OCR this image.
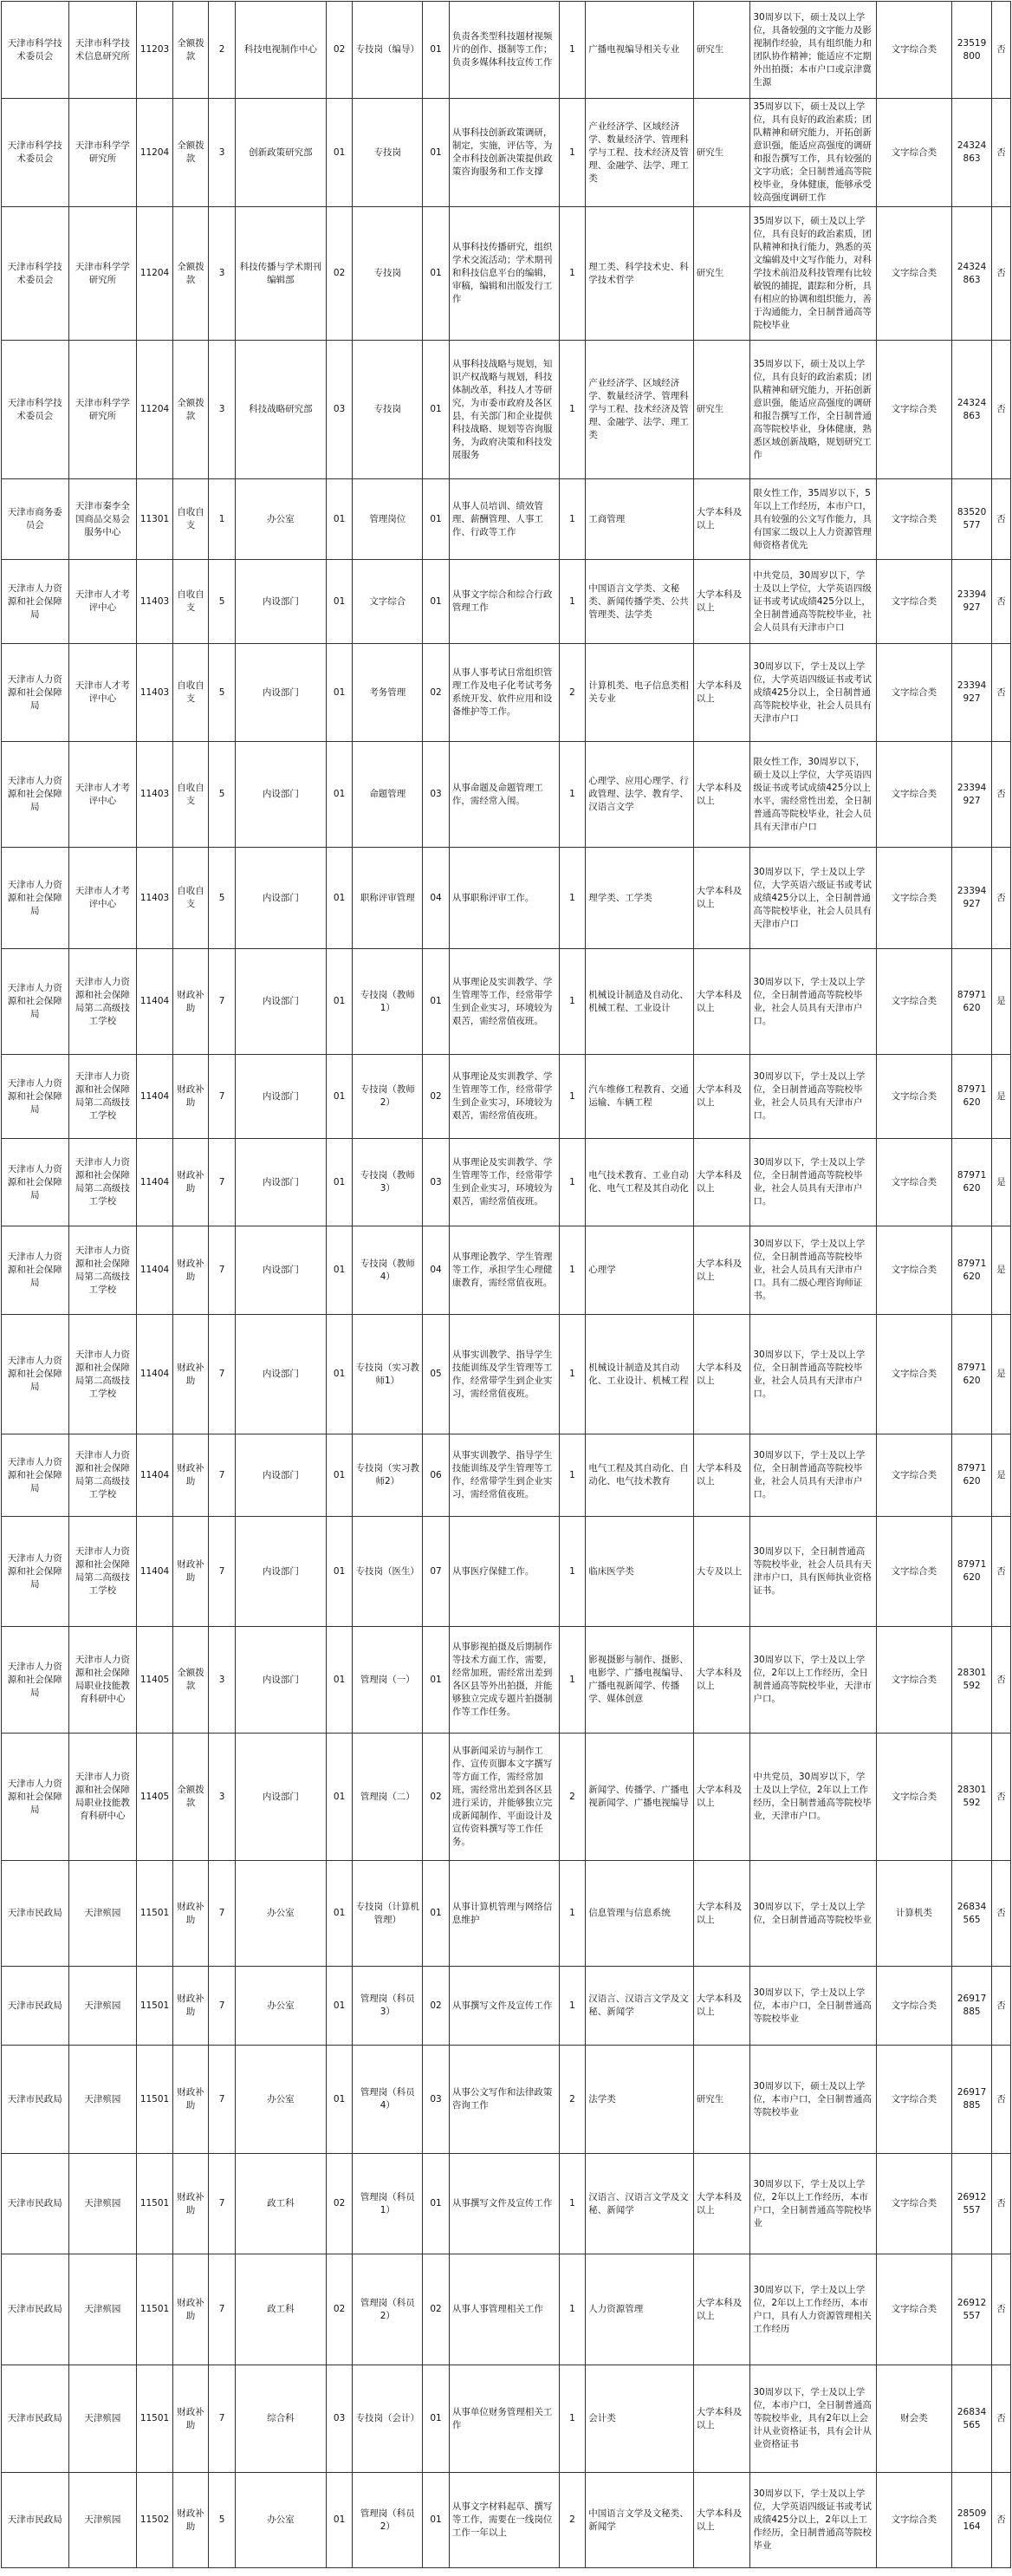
天津市科学技术委员会	天津市科学技术信息研究所	11203	全额拨款	2	科技电视制作中心	02	专技岗（编导）	01	负责各类型科技题材视频片的创作、摄制等工作；负责多媒体科技宣传工作	1	广播电视编导相关专业	研究生	30周岁以下，硕士及以上学位，具备较强的文字能力及影视制作经验，具有组织能力和团队协作精神；能适应不定期外出拍摄；本市户口或京津冀生源	文字综合类	23519800	否
天津市科学技术委员会	天津市科学学研究所	11204	全额拨款	3	创新政策研究部	01	专技岗	01	从事科技创新政策调研，制定，实施，评估等，为全市科技创新决策提供政策咨询服务和工作支撑	1	产业经济学、区域经济学、数量经济学、管理科学与工程、技术经济及管理、金融学、法学、理工类	研究生	35周岁以下，硕士及以上学位，具有良好的政治素质；团队精神和研究能力，开拓创新意识强，能适应高强度的调研和报告撰写工作，具有较强的文字功底；全日制普通高等院校毕业，身体健康，能够承受较高强度调研工作	文字综合类	24324863	否
天津市科学技术委员会	天津市科学学研究所	11204	全额拨款	3	科技传播与学术期刊编辑部	02	专技岗	01	从事科技传播研究，组织学术交流活动；学术期刊和科技信息平台的编辑，审稿，编辑和出版发行工作	1	理工类、科学技术史、科学技术哲学	研究生	35周岁以下，硕士及以上学位，具有良好的政治素质，团队精神和执行能力，熟悉的英文编辑及中文写作能力，对科学技术前沿及科技管理有比较敏锐的捕捉，跟踪和分析，具有相应的协调和组织能力，善于沟通能力，全日制普通高等院校毕业	文字综合类	24324863	否
天津市科学技术委员会	天津市科学学研究所	11204	全额拨款	3	科技战略研究部	03	专技岗	01	从事科技战略与规划，知识产权战略与规划，科技体制改革，科技人才等研究，为市委市政府及各区县，有关部门和企业提供科技战略、规划等咨询服务，为政府决策和科技发展服务	1	产业经济学、区域经济学、数量经济学、管理科学与工程、技术经济及管理、金融学、法学、理工类	研究生	35周岁以下，硕士及以上学位，具有良好的政治素质；团队精神和研究能力，开拓创新意识强，能适应高强度的调研和报告撰写工作，全日制普通高等院校毕业，身体健康，熟悉区域创新战略，规划研究工作	文字综合类	24324863	否
天津市商务委员会	天津市秦李全国商品交易会服务中心	11301	自收自支	1	办公室	01	管理岗位	01	从事人员培训、绩效管理、薪酬管理、人事工作、行政等工作	1	工商管理	大学本科及以上	限女性工作，35周岁以下，5年以上工作经历，本市户口，具有较强的公文写作能力，具有国家二级以上人力资源管理师资格者优先	文字综合类	83520577	否
天津市人力资源和社会保障局	天津市人才考评中心	11403	自收自支	5	内设部门	01	文字综合	01	从事文字综合和综合行政管理工作	1	中国语言文学类、文秘类、新闻传播学类、公共管理类、法学类	大学本科及以上	中共党员，30周岁以下，学士及以上学位，大学英语四级证书或考试成绩425分以上，全日制普通高等院校毕业，社会人员具有天津市户口	文字综合类	23394927	否
天津市人力资源和社会保障局	天津市人才考评中心	11403	自收自支	5	内设部门	01	考务管理	02	从事人事考试日常组织管理工作及电子化考试考务系统开发、软件应用和设备维护等工作。	2	计算机类、电子信息类相关专业	大学本科及以上	30周岁以下，学士及以上学位，大学英语四级证书或考试成绩425分以上，全日制普通高等院校毕业，社会人员具有天津市户口	文字综合类	23394927	否
天津市人力资源和社会保障局	天津市人才考评中心	11403	自收自支	5	内设部门	01	命题管理	03	从事命题及命题管理工作，需经常入闱。	1	心理学、应用心理学、行政管理、法学、教育学、汉语言文学	大学本科及以上	限女性工作，30周岁以下，硕士及以上学位，大学英语四级证书或考试成绩425分以上水平，需经常性出差，全日制普通高等院校毕业，社会人员具有天津市户口	文字综合类	23394927	否
天津市人力资源和社会保障局	天津市人才考评中心	11403	自收自支	5	内设部门	01	职称评审管理	04	从事职称评审工作。	1	理学类、工学类	大学本科及以上	30周岁以下，学士及以上学位，大学英语六级证书或考试成绩425分以上，全日制普通高等院校毕业，社会人员具有天津市户口	文字综合类	23394927	否
天津市人力资源和社会保障局	天津市人力资源和社会保障局第二高级技工学校	11404	财政补助	7	内设部门	01	专技岗（教师1）	01	从事理论及实训教学、学生管理等工作，经常带学生到企业实习，环境较为艰苦，需经常值夜班。	1	机械设计制造及自动化、机械工程、工业设计	大学本科及以上	30周岁以下，学士及以上学位，全日制普通高等院校毕业，社会人员具有天津市户口。	文字综合类	87971620	是
天津市人力资源和社会保障局	天津市人力资源和社会保障局第二高级技工学校	11404	财政补助	7	内设部门	01	专技岗（教师2）	02	从事理论及实训教学、学生管理等工作，经常带学生到企业实习，环境较为艰苦，需经常值夜班。	1	汽车维修工程教育、交通运输、车辆工程	大学本科及以上	30周岁以下，学士及以上学位，全日制普通高等院校毕业，社会人员具有天津市户口。	文字综合类	87971620	是
天津市人力资源和社会保障局	天津市人力资源和社会保障局第二高级技工学校	11404	财政补助	7	内设部门	01	专技岗（教师3）	03	从事理论及实训教学、学生管理等工作，经常带学生到企业实习，环境较为艰苦，需经常值夜班。	1	电气技术教育、工业自动化、电气工程及其自动化	大学本科及以上	30周岁以下，学士及以上学位，全日制普通高等院校毕业，社会人员具有天津市户口。	文字综合类	87971620	是
天津市人力资源和社会保障局	天津市人力资源和社会保障局第二高级技工学校	11404	财政补助	7	内设部门	01	专技岗（教师4）	04	从事理论教学、学生管理等工作，承担学生心理健康教育，需经常值夜班。	1	心理学	大学本科及以上	30周岁以下，学士及以上学位，全日制普通高等院校毕业，社会人员具有天津市户口。具有二级心理咨询师证书。	文字综合类	87971620	是
天津市人力资源和社会保障局	天津市人力资源和社会保障局第二高级技工学校	11404	财政补助	7	内设部门	01	专技岗（实习教师1）	05	从事实训教学、指导学生技能训练及学生管理等工作，经常带学生到企业实习，需经常值夜班。	1	机械设计制造及其自动化、工业设计、机械工程	大学本科及以上	30周岁以下，学士及以上学位，全日制普通高等院校毕业，社会人员具有天津市户口。	文字综合类	87971620	是
天津市人力资源和社会保障局	天津市人力资源和社会保障局第二高级技工学校	11404	财政补助	7	内设部门	01	专技岗（实习教师2）	06	从事实训教学、指导学生技能训练及学生管理等工作，经常带学生到企业实习，需经常值夜班。	1	电气工程及其自动化、自动化、电气技术教育	大学本科及以上	30周岁以下，学士及以上学位，全日制普通高等院校毕业，社会人员具有天津市户口。	文字综合类	87971620	是
天津市人力资源和社会保障局	天津市人力资源和社会保障局第二高级技工学校	11404	财政补助	7	内设部门	01	专技岗（医生）	07	从事医疗保健工作。	1	临床医学类	大专及以上	30周岁以下，全日制普通高等院校毕业，社会人员具有天津市户口，具有医师执业资格证书。	文字综合类	87971620	否
天津市人力资源和社会保障局	天津市人力资源和社会保障局职业技能教育科研中心	11405	全额拨款	3	内设部门	01	管理岗（一）	01	从事影视拍摄及后期制作等技术方面工作，需要，经常加班，需经常出差到各区县等外出拍摄，并能够独立完成专题片拍摄制作等工作任务。	1	影视摄影与制作、摄影、电影学、广播电视编导、广播电视新闻学、传播学、媒体创意	大学本科及以上	30周岁以下，学士及以上学位，2年以上工作经历，全日制普通高等院校毕业，天津市户口。	文字综合类	28301592	否
天津市人力资源和社会保障局	天津市人力资源和社会保障局职业技能教育科研中心	11405	全额拨款	3	内设部门	01	管理岗（二）	02	从事新闻采访与制作工作、宣传页脚本文字撰写等方面工作，需经常加班，需经常出差到各区县进行采访，并能够独立完成新闻制作、平面设计及宣传资料撰写等工作任务。	2	新闻学、传播学、广播电视新闻学、广播电视编导	大学本科及以上	中共党员，30周岁以下，学士及以上学位，2年以上工作经历，全日制普通高等院校毕业，天津市户口。	文字综合类	28301592	否
天津市民政局	天津殡园	11501	财政补助	7	办公室	01	专技岗（计算机管理）	01	从事计算机管理与网络信息维护	1	信息管理与信息系统	大学本科及以上	30周岁以下，学士及以上学位，全日制普通高等院校毕业	计算机类	26834565	否
天津市民政局	天津殡园	11501	财政补助	7	办公室	01	管理岗（科员3）	02	从事撰写文件及宣传工作	1	汉语言、汉语言文学及文秘、新闻学	大学本科及以上	30周岁以下，学士及以上学位，本市户口，全日制普通高等院校毕业	文字综合类	26917885	否
天津市民政局	天津殡园	11501	财政补助	7	办公室	01	管理岗（科员4）	03	从事公文写作和法律政策咨询工作	2	法学类	研究生	30周岁以下，硕士及以上学位，本市户口，全日制普通高等院校毕业	文字综合类	26917885	否
天津市民政局	天津殡园	11501	财政补助	7	政工科	02	管理岗（科员1）	01	从事撰写文件及宣传工作	1	汉语言、汉语言文学及文秘、新闻学	大学本科及以上	30周岁以下，学士及以上学位，2年以上工作经历，本市户口，全日制普通高等院校毕业	文字综合类	26912557	否
天津市民政局	天津殡园	11501	财政补助	7	政工科	02	管理岗（科员2）	02	从事人事管理相关工作	1	人力资源管理	大学本科及以上	30周岁以下，学士及以上学位，2年以上工作经历，本市户口，具有人力资源管理相关工作经历	文字综合类	26912557	否
天津市民政局	天津殡园	11501	财政补助	7	综合科	03	专技岗（会计）	01	从事单位财务管理相关工作	1	会计类	大学本科及以上	30周岁以下，学士及以上学位，本市户口，全日制普通高等院校毕业，具有2年以上会计从业资格证书，具有会计从业资格证书	财会类	26834565	否
天津市民政局	天津殡园	11502	财政补助	5	办公室	01	管理岗（科员2）	01	从事文字材料起草、撰写等工作，需要在一线岗位工作一年以上	2	中国语言文学及文秘类、新闻学	大学本科及以上	30周岁以下，学士及以上学位，大学英语四级证书或考试成绩425分以上，2年以上工作经历，全日制普通高等院校毕业	文字综合类	28509164	否
